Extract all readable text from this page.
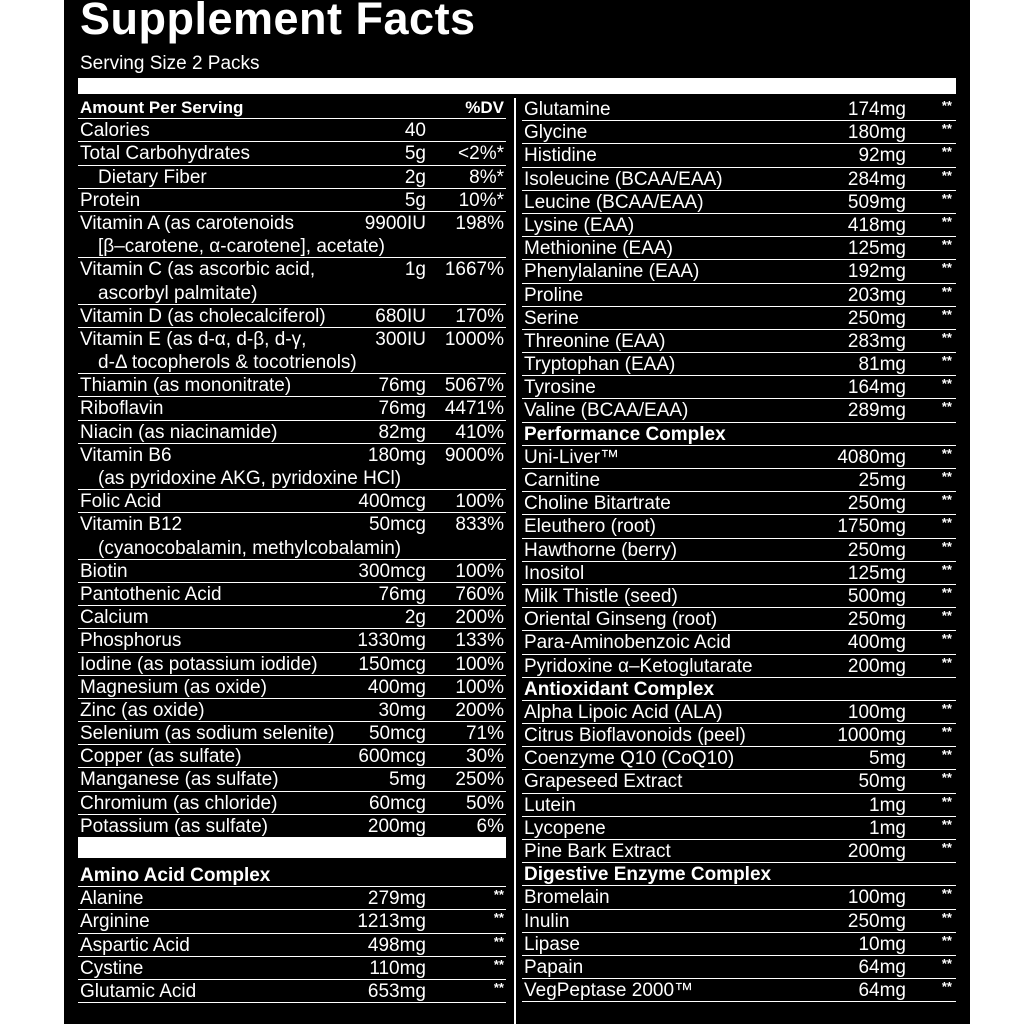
Supplement Facts
Serving Size 2 Packs
Amount Per Serving	%DV
Calories	40
Total Carbohydrates	5g <2%*
Dietary Fiber	2g 8%*
Protein	5g 10%*
Vitamin A (as carotenoids	9900IU 198%
[β–carotene, α-carotene], acetate)
Vitamin C (as ascorbic acid,	1g 1667%
ascorbyl palmitate)
Vitamin D (as cholecalciferol)	680IU 170%
Vitamin E (as d-α, d-β, d-γ,	300IU 1000%
d-Δ tocopherols & tocotrienols)
Thiamin (as mononitrate)	76mg 5067%
Riboflavin	76mg 4471%
Niacin (as niacinamide)	82mg 410%
Vitamin B6	180mg 9000%
(as pyridoxine AKG, pyridoxine HCl)
Folic Acid	400mcg 100%
Vitamin B12	50mcg 833%
(cyanocobalamin, methylcobalamin)
Biotin	300mcg 100%
Pantothenic Acid	76mg 760%
Calcium	2g 200%
Phosphorus	1330mg 133%
Iodine (as potassium iodide) 150mcg 100%
Magnesium (as oxide)	400mg 100%
Zinc (as oxide)	30mg 200%
Selenium (as sodium selenite) 50mcg 71%
Copper (as sulfate)	600mcg 30%
Manganese (as sulfate)	5mg 250%
Chromium (as chloride)	60mcg 50%
Potassium (as sulfate)	200mg	6%
Amino Acid Complex
Alanine	279mg	**
Arginine	1213mg	**
Aspartic Acid	498mg	**
Cystine	110mg	**
Glutamic Acid	653mg	**
Glutamine	174mg	**
Glycine	180mg	**
Histidine	92mg	**
Isoleucine (BCAA/EAA)	284mg	**
Leucine (BCAA/EAA)	509mg	**
Lysine (EAA)	418mg	**
Methionine (EAA)	125mg	**
Phenylalanine (EAA)	192mg	**
Proline	203mg	**
Serine	250mg	**
Threonine (EAA)	283mg	**
Tryptophan (EAA)	81mg	**
Tyrosine	164mg	**
Valine (BCAA/EAA)	289mg	**
Performance Complex
Uni-Liver™	4080mg	**
Carnitine	25mg	**
Choline Bitartrate	250mg	**
Eleuthero (root)	1750mg	**
Hawthorne (berry)	250mg	**
Inositol	125mg	**
Milk Thistle (seed)	500mg	**
Oriental Ginseng (root)	250mg	**
Para-Aminobenzoic Acid	400mg	**
Pyridoxine α–Ketoglutarate	200mg	**
Antioxidant Complex
Alpha Lipoic Acid (ALA)	100mg	**
Citrus Bioflavonoids (peel)	1000mg	**
Coenzyme Q10 (CoQ10)	5mg	**
Grapeseed Extract	50mg	**
Lutein	1mg	**
Lycopene	1mg	**
Pine Bark Extract	200mg	**
Digestive Enzyme Complex
Bromelain	100mg	**
Inulin	250mg	**
Lipase	10mg	**
Papain	64mg	**
VegPeptase 2000™	64mg	**
